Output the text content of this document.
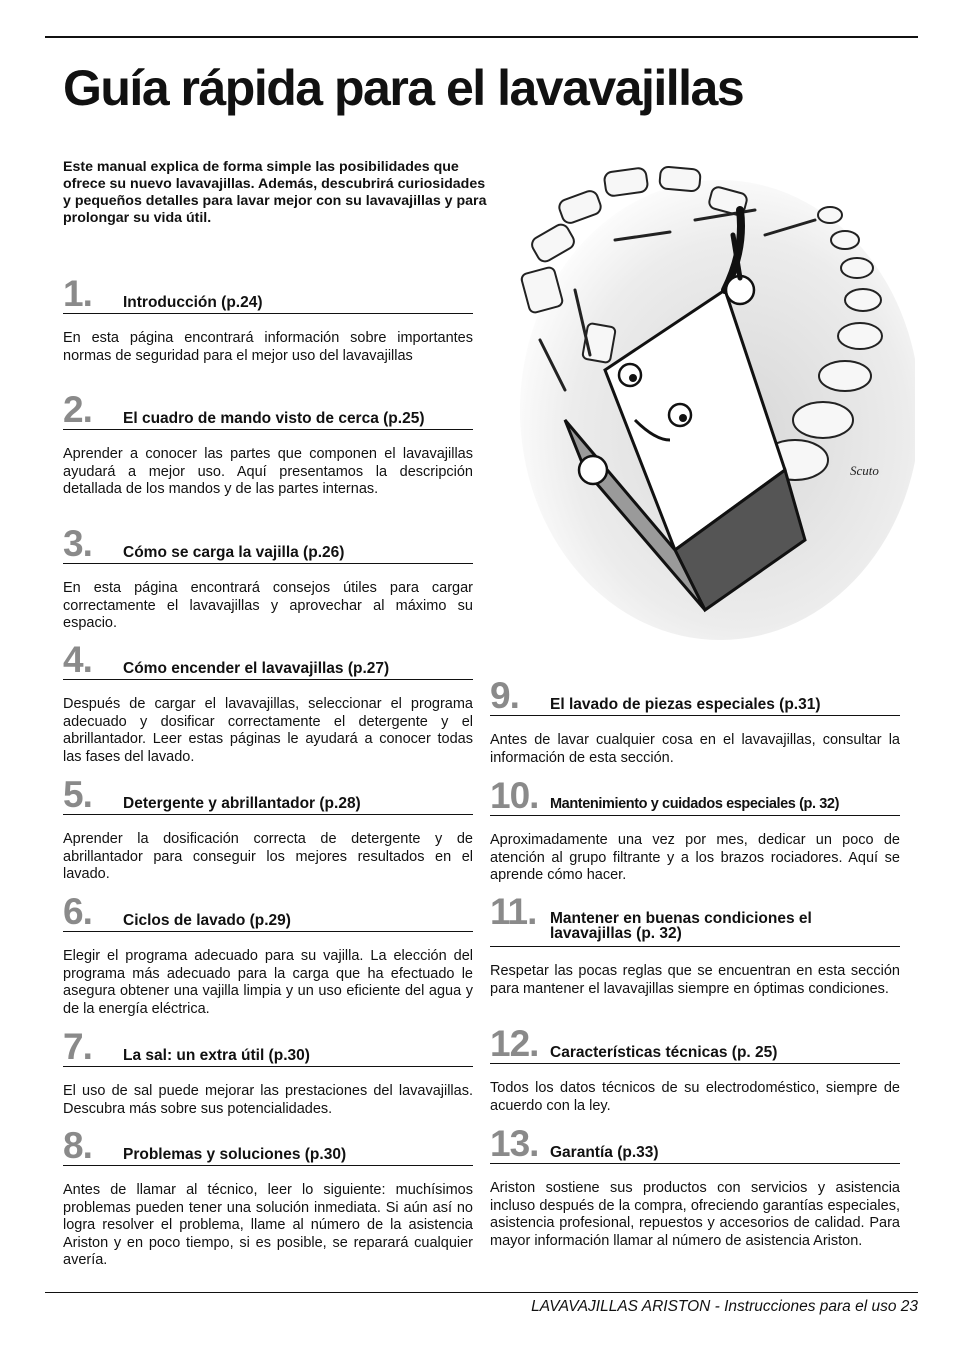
Guía rápida para el lavavajillas

Este manual explica de forma simple las posibilidades que ofrece su nuevo lavavajillas. Además, descubrirá curiosidades y pequeños detalles para lavar mejor con su lavavajillas y para prolongar su vida útil.

1. Introducción (p.24)

En esta página encontrará información sobre importantes normas de seguridad para el mejor uso del lavavajillas

2. El cuadro de mando visto de cerca (p.25)

Aprender a conocer las partes que componen el lavavajillas ayudará a mejor uso. Aquí presentamos la descripción detallada de los mandos y de las partes internas.

3. Cómo se carga la vajilla (p.26)

En esta página encontrará consejos útiles para cargar correctamente el lavavajillas y aprovechar al máximo su espacio.

4. Cómo encender el lavavajillas (p.27)

Después de cargar el lavavajillas, seleccionar el programa adecuado y dosificar correctamente el detergente y el abrillantador. Leer estas páginas le ayudará a conocer todas las fases del lavado.

5. Detergente y abrillantador (p.28)

Aprender la dosificación correcta de detergente y de abrillantador para conseguir los mejores resultados en el lavado.

6. Ciclos de lavado (p.29)

Elegir el programa adecuado para su vajilla. La elección del programa más adecuado para la carga que ha efectuado le asegura obtener una vajilla limpia y un uso eficiente del agua y de la energía eléctrica.

7. La sal: un extra útil (p.30)

El uso de sal puede mejorar las prestaciones del lavavajillas. Descubra más sobre sus potencialidades.

8. Problemas y soluciones (p.30)

Antes de llamar al técnico, leer lo siguiente: muchísimos problemas pueden tener una solución inmediata. Si aún así no logra resolver el problema, llame al número de la asistencia Ariston y en poco tiempo, si es posible, se reparará cualquier avería.

Scuto
9. El lavado de piezas especiales (p.31)

Antes de lavar cualquier cosa en el lavavajillas, consultar la información de esta sección.

10. Mantenimiento y cuidados especiales (p. 32)

Aproximadamente una vez por mes, dedicar un poco de atención al grupo filtrante y a los brazos rociadores. Aquí se aprende cómo hacer.

11. Mantener en buenas condiciones el lavavajillas (p. 32)

Respetar las pocas reglas que se encuentran en esta sección para mantener el lavavajillas siempre en óptimas condiciones.

12. Características técnicas (p. 25)

Todos los datos técnicos de su electrodoméstico, siempre de acuerdo con la ley.

13. Garantía (p.33)

Ariston sostiene sus productos con servicios y asistencia incluso después de la compra, ofreciendo garantías especiales, asistencia profesional, repuestos y accesorios de calidad. Para mayor información llamar al número de asistencia Ariston.

LAVAVAJILLAS ARISTON - Instrucciones para el uso 23
